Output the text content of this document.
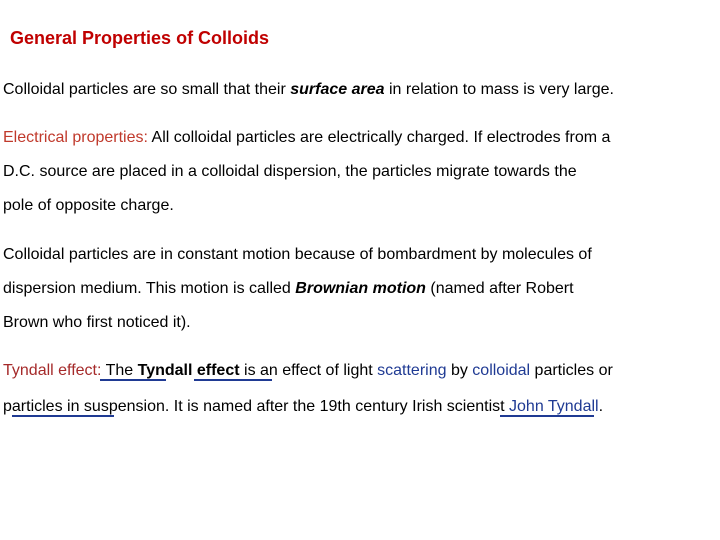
General Properties of Colloids
Colloidal particles are so small that their surface area in relation to mass is very large.
Electrical properties: All colloidal particles are electrically charged. If electrodes from a
D.C. source are placed in a colloidal dispersion, the particles migrate towards the
pole of opposite charge.
Colloidal particles are in constant motion because of bombardment by molecules of
dispersion medium. This motion is called Brownian motion (named after Robert
Brown who first noticed it).
Tyndall effect: The Tyndall effect is an effect of light scattering by colloidal particles or
particles in suspension. It is named after the 19th century Irish scientist John Tyndall.
